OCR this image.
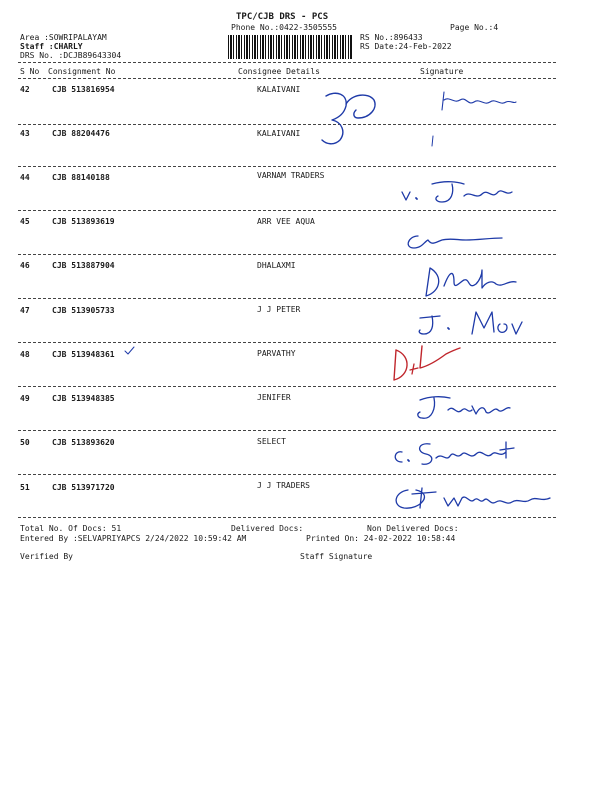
TPC/CJB DRS - PCS
Phone No.:0422-3505555	Page No.:4
Area :SOWRIPALAYAM
Staff :CHARLY
DRS No. :DCJB89643304
RS No.:896433
RS Date:24-Feb-2022
S No Consignment No	Consignee Details	Signature
42	CJB 513816954	KALAIVANI
43	CJB 88204476	KALAIVANI
44	CJB 88140188	VARNAM TRADERS
45	CJB 513893619	ARR VEE AQUA
46	CJB 513887904	DHALAXMI
47	CJB 513905733	J J PETER
48	CJB 513948361	PARVATHY
49	CJB 513948385	JENIFER
50	CJB 513893620	SELECT
51	CJB 513971720	J J TRADERS
Total No. Of Docs: 51	Delivered Docs:	Non Delivered Docs:
Entered By :SELVAPRIYAPCS 2/24/2022 10:59:42 AM	Printed On: 24-02-2022 10:58:44
Verified By	Staff Signature
